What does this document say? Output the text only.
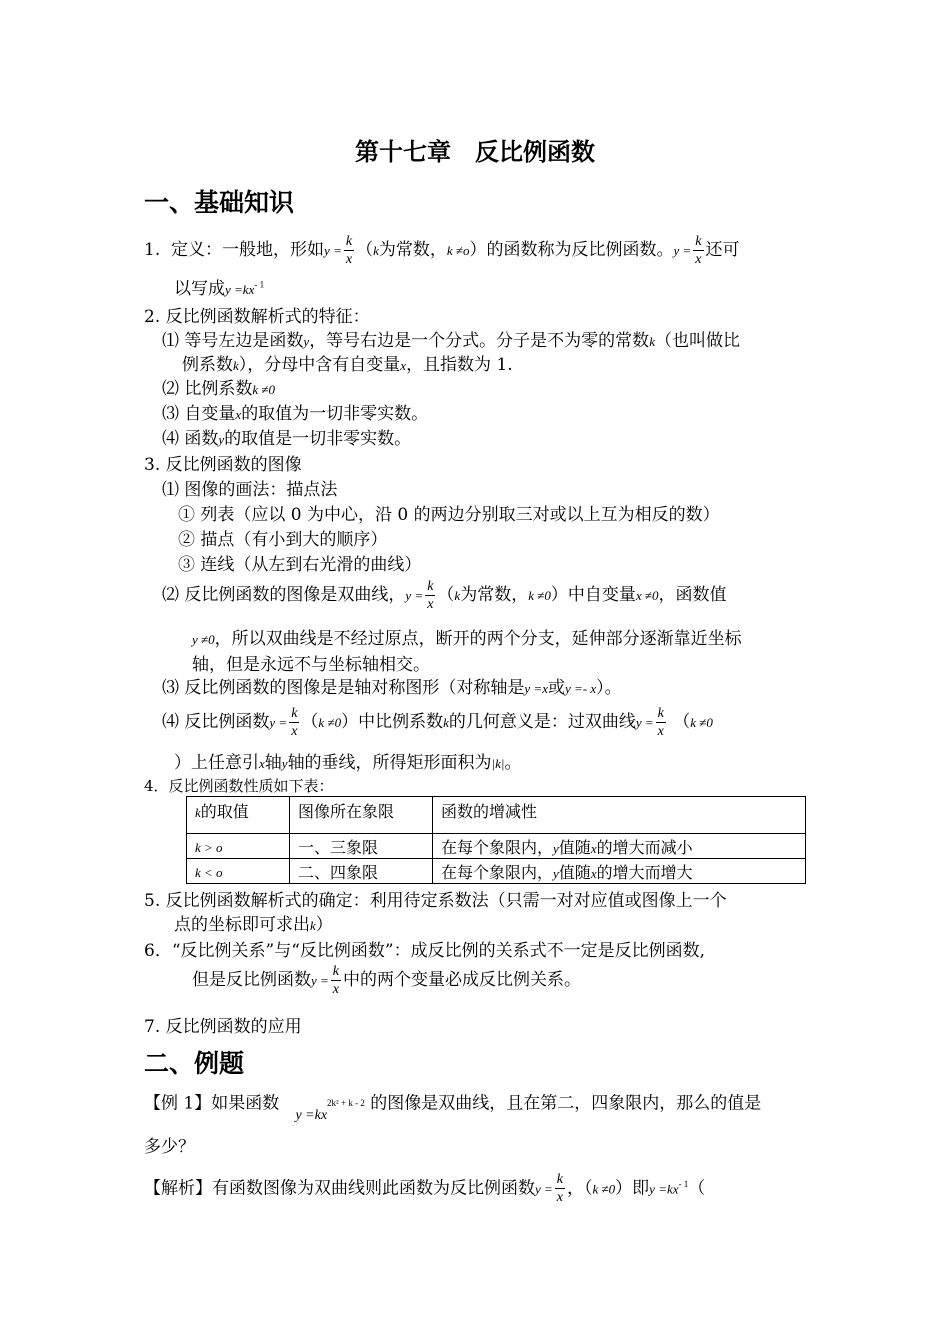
第十七章　反比例函数
一、基础知识
1. 定义：一般地，形如$y = \frac{k}{x} (k$为常数，k ≠o）的函数称为反比例函数。$y = \frac{k}{x}$ 还可
以写成$y =kx^{- 1}$
2. 反比例函数解析式的特征：
⑴ 等号左边是函数y，等号右边是一个分式。分子是不为零的常数k（也叫做比
例系数k），分母中含有自变量x，且指数为 1.
⑵ 比例系数k ≠0
⑶ 自变量x的取值为一切非零实数。
⑷ 函数y的取值是一切非零实数。
3. 反比例函数的图像
⑴ 图像的画法：描点法
① 列表（应以 0 为中心，沿 0 的两边分别取三对或以上互为相反的数）
② 描点（有小到大的顺序）
③ 连线（从左到右光滑的曲线）
⑵ 反比例函数的图像是双曲线，$y = \frac{k}{x} (k$为常数，k ≠0）中自变量x ≠0，函数值
y ≠0，所以双曲线是不经过原点，断开的两个分支，延伸部分逐渐靠近坐标
轴，但是永远不与坐标轴相交。
⑶ 反比例函数的图像是是轴对称图形（对称轴是y =x或y =- x）。
⑷ 反比例函数$y = \frac{k}{x} (k \ne 0)$中比例系数k的几何意义是：过双曲线$y = \frac{k}{x} (k \ne 0$
）上任意引x轴y轴的垂线，所得矩形面积为|k|。
4．反比例函数性质如下表：
k的取值	图像所在象限	函数的增减性
k > o	一、三象限	在每个象限内，y值随x的增大而减小
k < o	二、四象限	在每个象限内，y值随x的增大而增大
5. 反比例函数解析式的确定：利用待定系数法（只需一对对应值或图像上一个
点的坐标即可求出k）
6．“反比例关系”与“反比例函数”：成反比例的关系式不一定是反比例函数,
但是反比例函数$y = \frac{k}{x}$ 中的两个变量必成反比例关系。
7. 反比例函数的应用
二、例题
【例 1】如果函数   $_{y =kx}^{2k^2 + k - 2}$ 的图像是双曲线，且在第二，四象限内，那么的值是
多少？
【解析】有函数图像为双曲线则此函数为反比例函数$y = \frac{k}{x}$ ，（k ≠0）即$y =kx^{- 1}$（
